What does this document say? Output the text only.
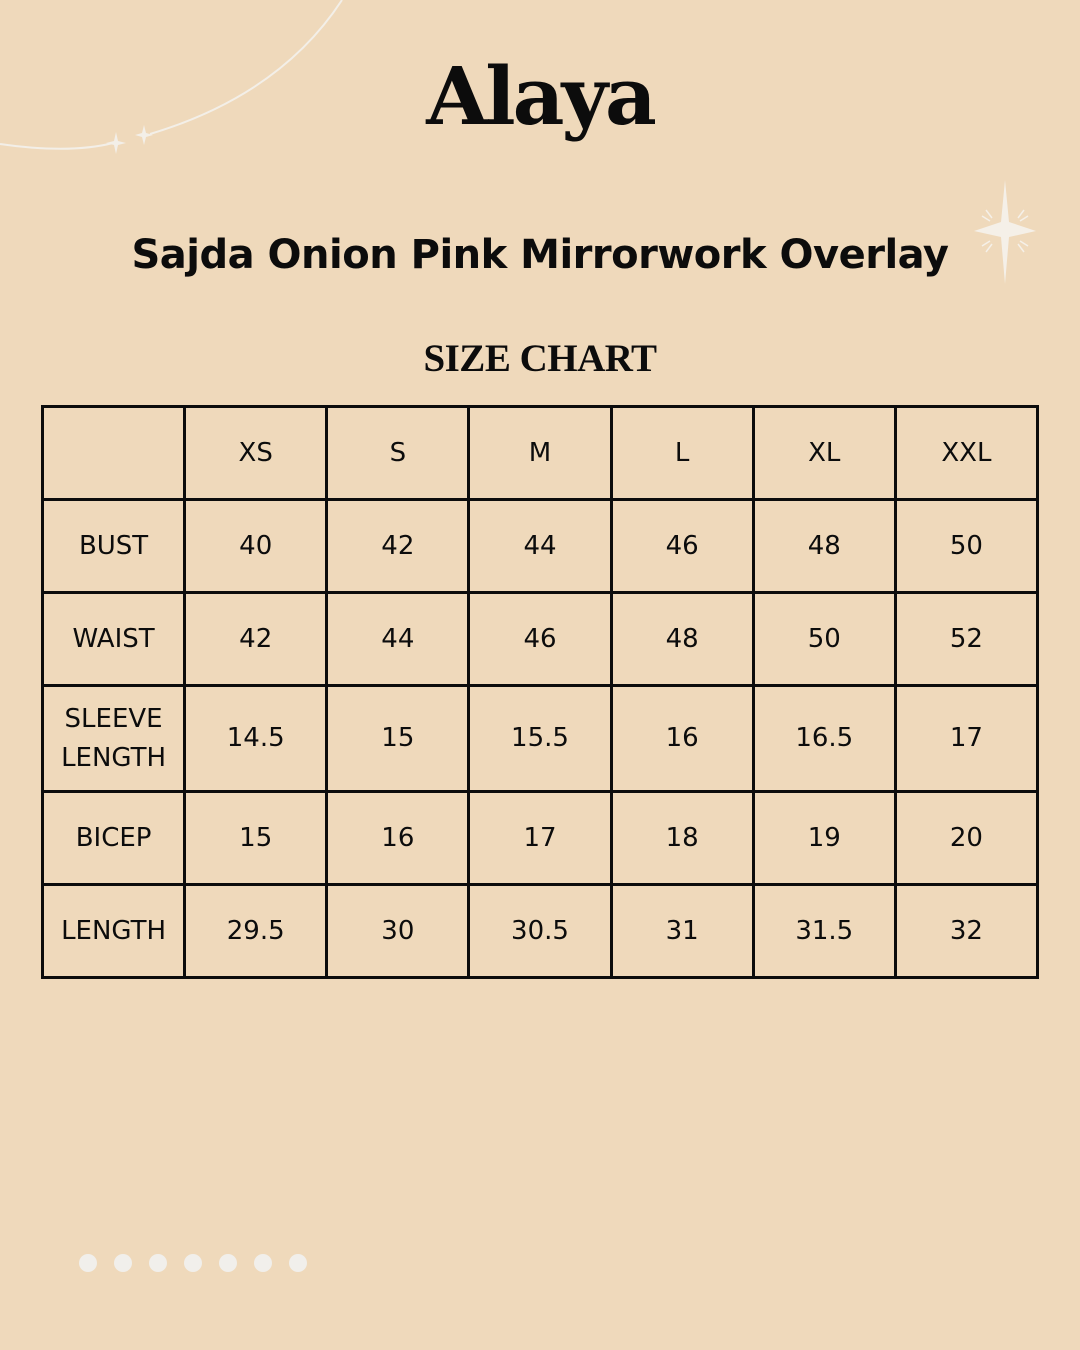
Alaya
Sajda Onion Pink Mirrorwork Overlay
SIZE CHART
	XS	S	M	L	XL	XXL
BUST	40	42	44	46	48	50
WAIST	42	44	46	48	50	52

SLEEVE
LENGTH	14.5	15	15.5	16	16.5	17
BICEP	15	16	17	18	19	20
LENGTH	29.5	30	30.5	31	31.5	32
